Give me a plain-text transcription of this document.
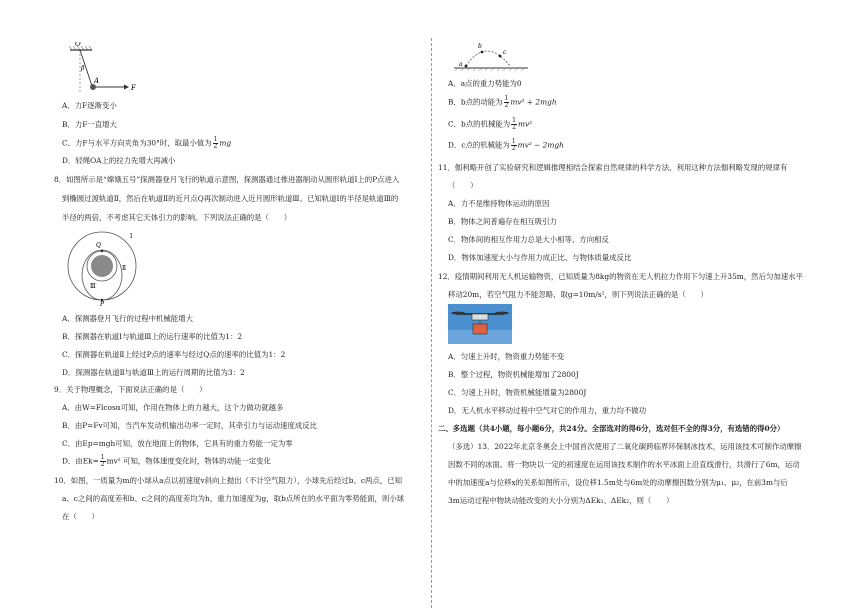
O
β
A
F
A．力F逐渐变小
B．力F一直增大
C．力F与水平方向夹角为30°时，取最小值为 $\frac{1}{2}$ mg
D．轻绳OA上的拉力先增大再减小
8．如图所示是“嫦娥五号”探测器登月飞行的轨道示意图，探测器通过推进器制动从圆形轨道Ⅰ上的P点进入
到椭圆过渡轨道Ⅱ，然后在轨道Ⅱ的近月点Q再次制动进入近月圆形轨道Ⅲ。已知轨道Ⅰ的半径是轨道Ⅲ的
半径的两倍，不考虑其它天体引力的影响。下列说法正确的是（　　）
Ⅰ
Ⅱ
Ⅲ
Q
P
A．探测器登月飞行的过程中机械能增大
B．探测器在轨道Ⅰ与轨道Ⅲ上的运行速率的比值为1：2
C．探测器在轨道Ⅱ上经过P点的速率与经过Q点的速率的比值为1：2
D．探测器在轨道Ⅱ与轨道Ⅲ上的运行周期的比值为3：2
9．关于物理概念，下面说法正确的是（　　）
A．由W=Flcosα可知，作用在物体上的力越大，这个力做功就越多
B．由P=Fv可知，当汽车发动机输出功率一定时，其牵引力与运动速度成反比
C．由Ep=mgh可知，放在地面上的物体，它具有的重力势能一定为零
D．由$Ek= \frac{1}{2} mv^2$ 可知，物体速度变化时，物体的动能一定变化
10．如图，一质量为m的小球从a点以初速度v斜向上抛出（不计空气阻力），小球先后经过b、c两点，已知
a、c之间的高度差和b、c之间的高度差均为h，重力加速度为g，取b点所在的水平面为零势能面，则小球
在（　　）
a
b
c
A．a点的重力势能为0
B．b点的动能为 $\frac{1}{2} mv^2 + 2mgh$
C．b点的机械能为 $\frac{1}{2} mv^2$
D．c点的机械能为 $\frac{1}{2} mv^2 - 2mgh$
11．伽利略开创了实验研究和逻辑推理相结合探索自然规律的科学方法，利用这种方法伽利略发现的规律有
（　　）
A．力不是维持物体运动的原因
B．物体之间普遍存在相互吸引力
C．物体间的相互作用力总是大小相等、方向相反
D．物体加速度大小与作用力成正比、与物体质量成反比
12．疫情期间利用无人机运输物资，已知质量为8kg的物资在无人机拉力作用下匀速上升35m，然后匀加速水平
移动20m，若空气阻力不能忽略，取g=10m/s²，则下列说法正确的是（　　）
A．匀速上升时，物资重力势能不变
B．整个过程，物资机械能增加了2800J
C．匀速上升时，物资机械能增量为2800J
D．无人机水平移动过程中空气对它的作用力，重力均不做功
二、多选题（共4小题，每小题6分，共24分。全部选对的得6分，选对但不全的得3分，有选错的得0分）
（多选）13．2022年北京冬奥会上中国首次使用了二氧化碳跨临界环保制冰技术，运用该技术可制作动摩擦
因数不同的冰面。将一物块以一定的初速度在运用该技术制作的水平冰面上沿直线滑行，共滑行了6m，运动
中的加速度a与位移x的关系如图所示，设位移1.5m处与6m处的动摩擦因数分别为μ₁、μ₂，在前3m与后
3m运动过程中物块动能改变的大小分别为ΔEk₁、ΔEk₂，则（　　）
